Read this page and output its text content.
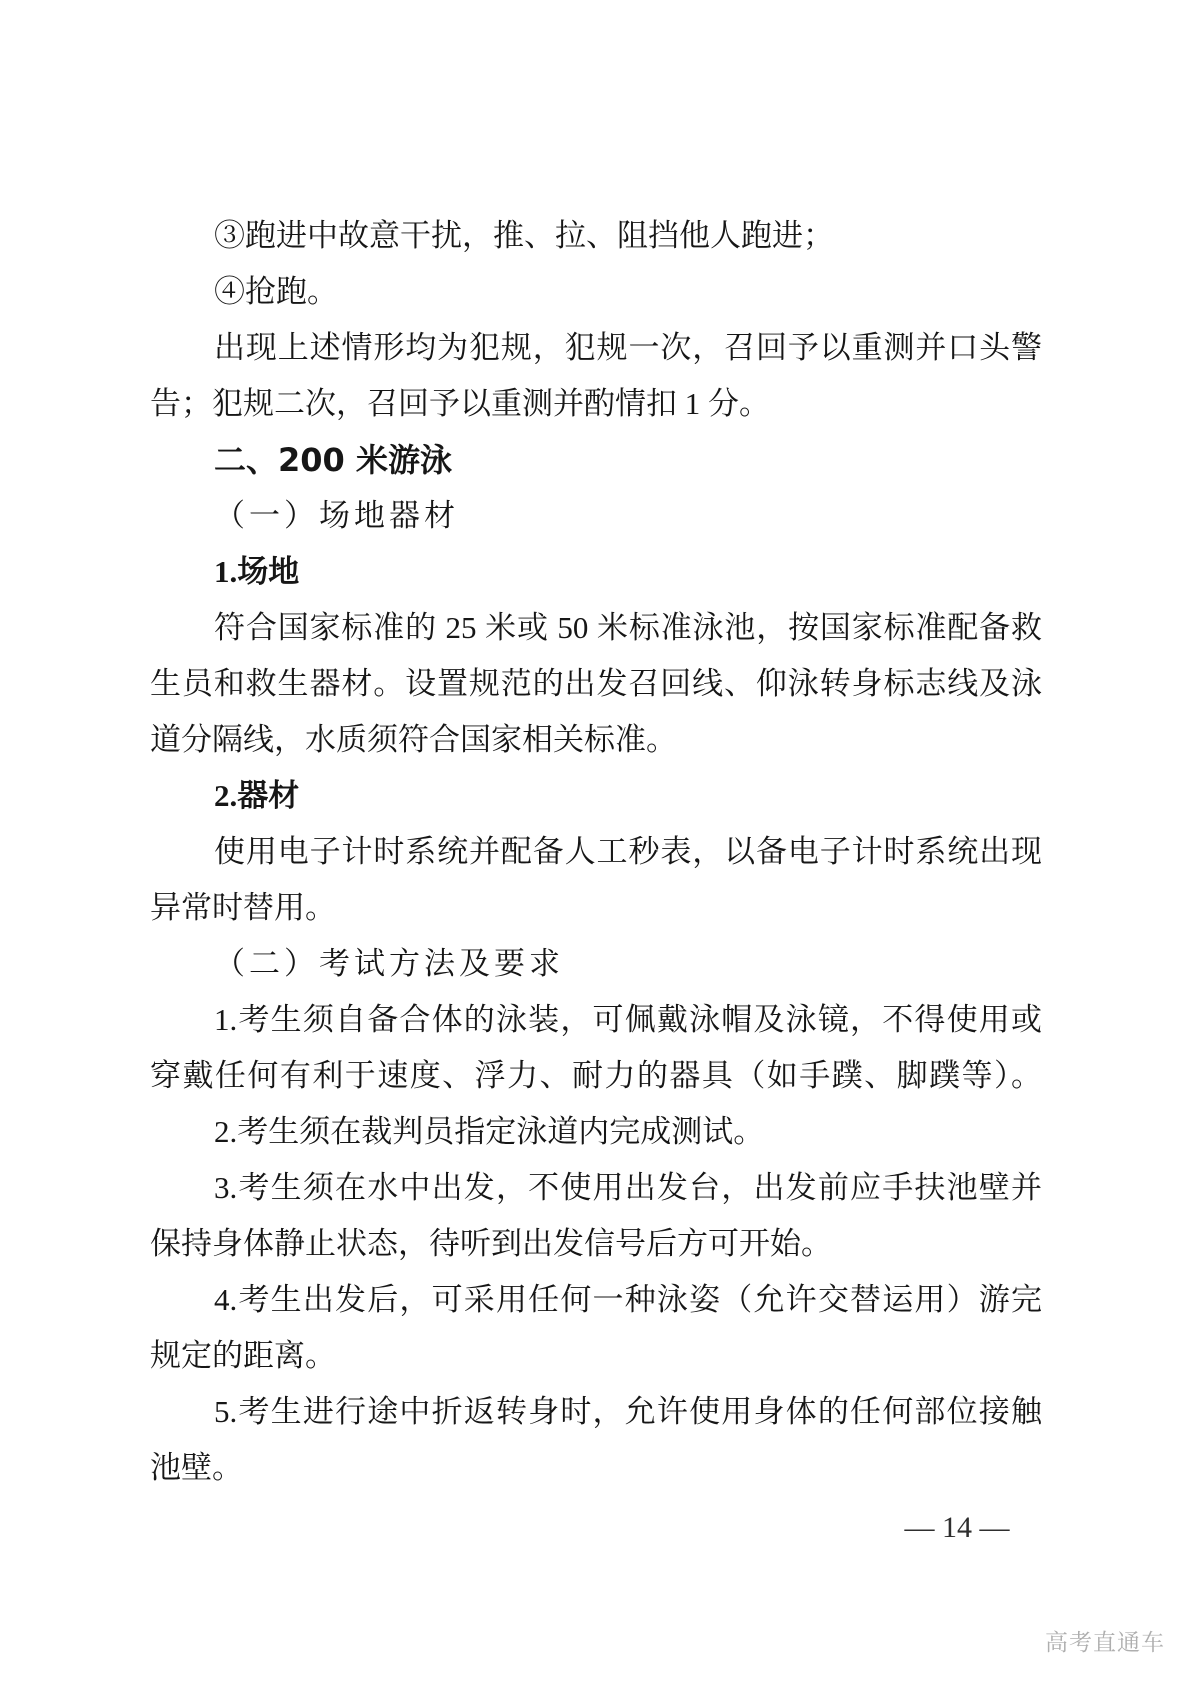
③跑进中故意干扰，推、拉、阻挡他人跑进；
④抢跑。
出现上述情形均为犯规，犯规一次，召回予以重测并口头警
告；犯规二次，召回予以重测并酌情扣 1 分。
二、200 米游泳
（一）场地器材
1.场地
符合国家标准的 25 米或 50 米标准泳池，按国家标准配备救
生员和救生器材。设置规范的出发召回线、仰泳转身标志线及泳
道分隔线，水质须符合国家相关标准。
2.器材
使用电子计时系统并配备人工秒表，以备电子计时系统出现
异常时替用。
（二）考试方法及要求
1.考生须自备合体的泳装，可佩戴泳帽及泳镜，不得使用或
穿戴任何有利于速度、浮力、耐力的器具（如手蹼、脚蹼等）。
2.考生须在裁判员指定泳道内完成测试。
3.考生须在水中出发，不使用出发台，出发前应手扶池壁并
保持身体静止状态，待听到出发信号后方可开始。
4.考生出发后，可采用任何一种泳姿（允许交替运用）游完
规定的距离。
5.考生进行途中折返转身时，允许使用身体的任何部位接触
池壁。
— 14 —
高考直通车
